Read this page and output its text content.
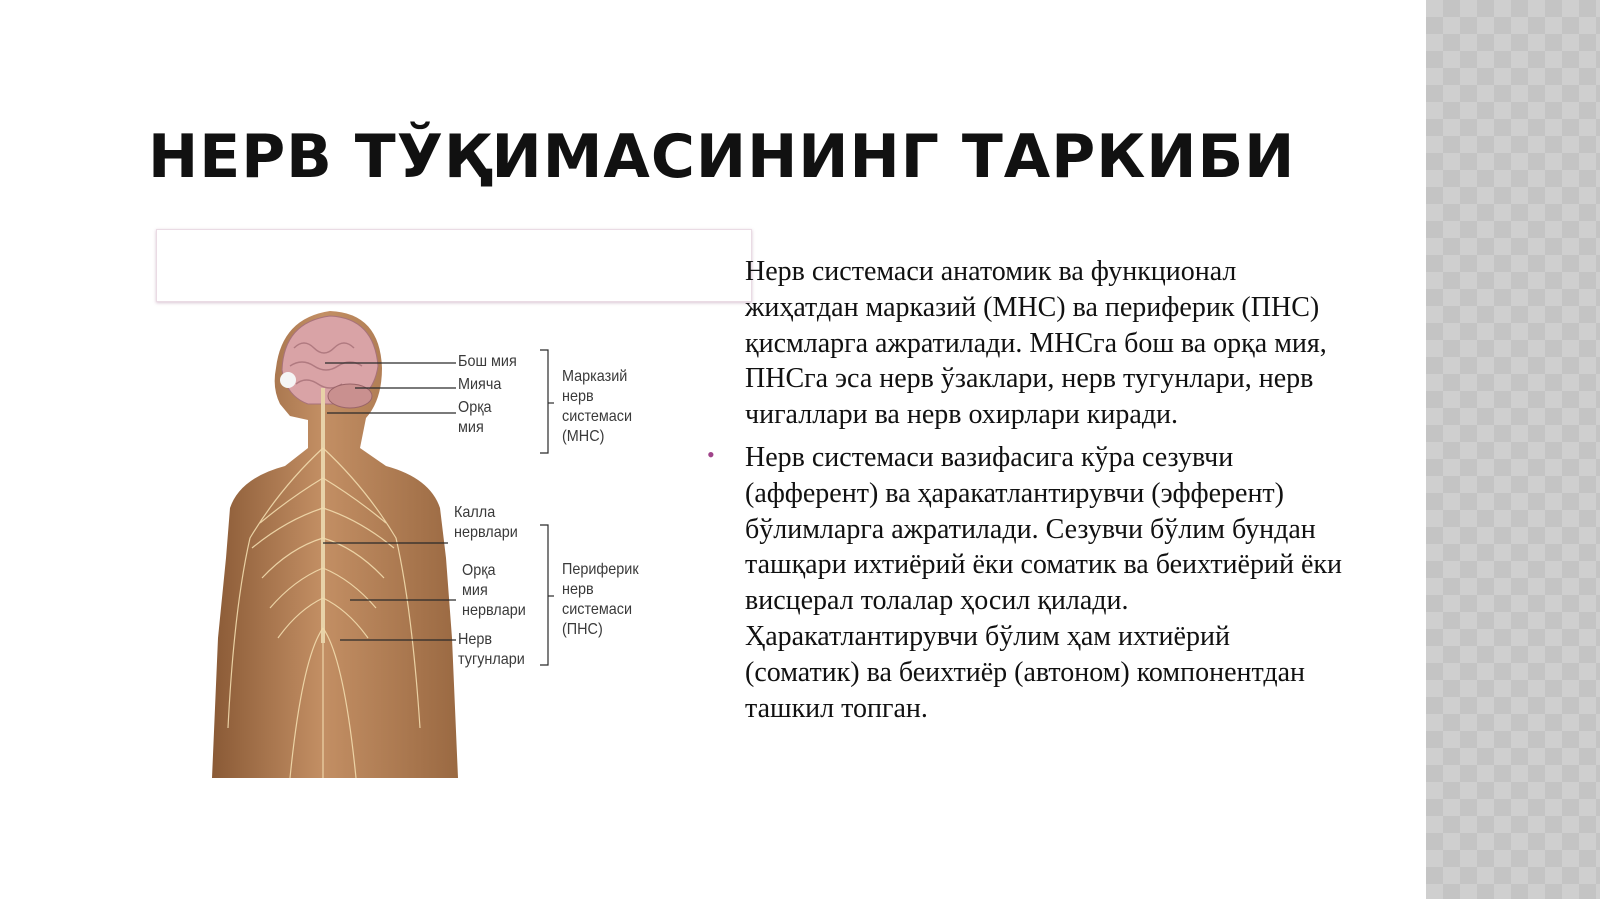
НЕРВ ТЎҚИМАСИНИНГ ТАРКИБИ
Бош мия
Мияча
Орқа
мия
Марказий
нерв
системаси
(МНС)
Калла
нервлари
Орқа
мия
нервлари
Нерв
тугунлари
Периферик
нерв
системаси
(ПНС)

Нерв системаси анатомик ва функционал жиҳатдан марказий (МНС) ва периферик (ПНС) қисмларга ажратилади. МНСга бош ва орқа мия, ПНСга эса нерв ўзаклари, нерв тугунлари, нерв чигаллари ва нерв охирлари киради.

• Нерв системаси вазифасига кўра сезувчи (афферент) ва ҳаракатлантирувчи (эфферент) бўлимларга ажратилади. Сезувчи бўлим бундан ташқари ихтиёрий ёки соматик ва беихтиёрий ёки висцерал толалар ҳосил қилади. Ҳаракатлантирувчи бўлим ҳам ихтиёрий (соматик) ва беихтиёр (автоном) компонентдан ташкил топган.
